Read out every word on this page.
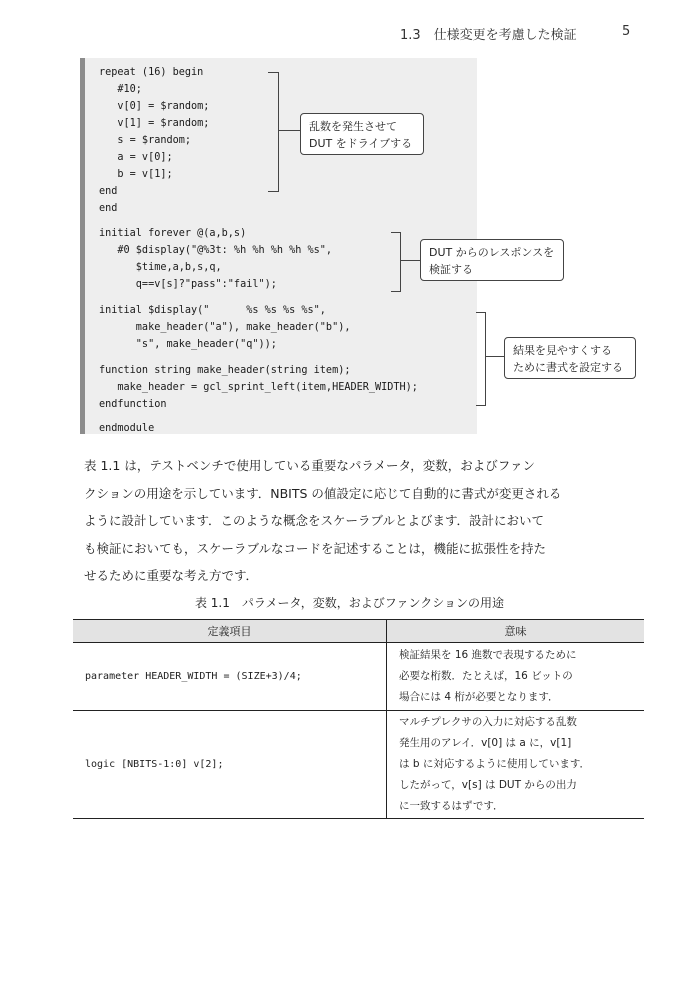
1.3　仕様変更を考慮した検証	5
repeat (16) begin
#10;
v[0] = $random;
v[1] = $random;
s = $random;
a = v[0];
b = v[1];
end
end
initial forever @(a,b,s)
#0 $display("@%3t: %h %h %h %h %s",
$time,a,b,s,q,
q==v[s]?"pass":"fail");
initial $display("      %s %s %s %s",
make_header("a"), make_header("b"),
"s", make_header("q"));
function string make_header(string item);
make_header = gcl_sprint_left(item,HEADER_WIDTH);
endfunction
endmodule
乱数を発生させて
DUT をドライブする
DUT からのレスポンスを
検証する
結果を見やすくする
ために書式を設定する

表 1.1 は，テストベンチで使用している重要なパラメータ，変数，およびファン

クションの用途を示しています．NBITS の値設定に応じて自動的に書式が変更される

ように設計しています．このような概念をスケーラブルとよびます．設計において

も検証においても，スケーラブルなコードを記述することは，機能に拡張性を持た

せるために重要な考え方です．

表 1.1　パラメータ，変数，およびファンクションの用途
定義項目	意味
parameter HEADER_WIDTH = (SIZE+3)/4;	検証結果を 16 進数で表現するために
必要な桁数．たとえば，16 ビットの
場合には 4 桁が必要となります．

logic [NBITS-1:0] v[2];	マルチプレクサの入力に対応する乱数
発生用のアレイ．v[0] は a に，v[1]
は b に対応するように使用しています．
したがって，v[s] は DUT からの出力
に一致するはずです．
